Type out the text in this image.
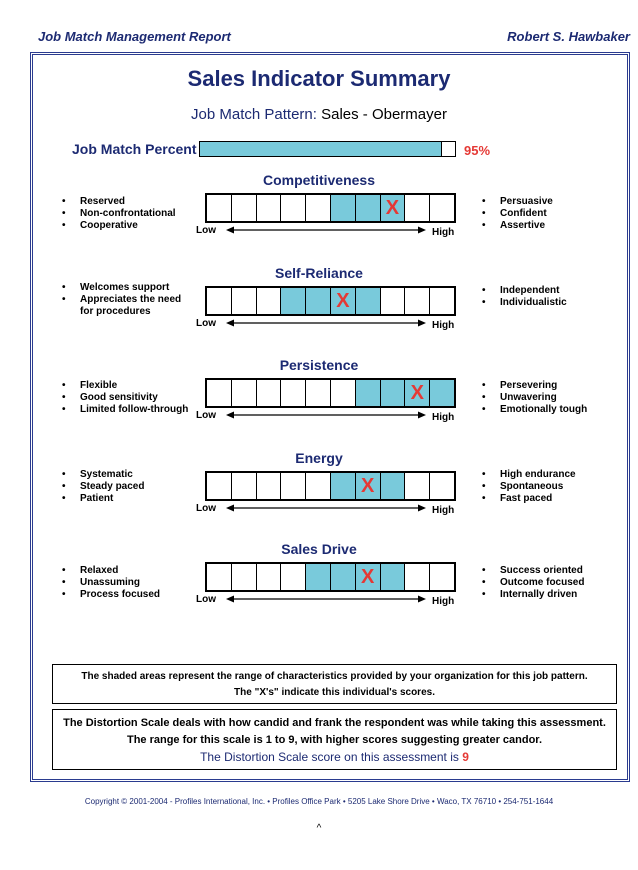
Job Match Management Report	Robert S. Hawbaker
Sales Indicator Summary
Job Match Pattern: Sales - Obermayer
Job Match Percent	95%
Competitiveness
X
Low	High
• Reserved
• Non-confrontational
• Cooperative
• Persuasive
• Confident
• Assertive
Self-Reliance
X
Low	High
• Welcomes support
• Appreciates the need for procedures
• Independent
• Individualistic
Persistence
X
Low	High
• Flexible
• Good sensitivity
• Limited follow-through
• Persevering
• Unwavering
• Emotionally tough
Energy
X
Low	High
• Systematic
• Steady paced
• Patient
• High endurance
• Spontaneous
• Fast paced
Sales Drive
X
Low	High
• Relaxed
• Unassuming
• Process focused
• Success oriented
• Outcome focused
• Internally driven
The shaded areas represent the range of characteristics provided by your organization for this job pattern.
The "X's" indicate this individual's scores.
The Distortion Scale deals with how candid and frank the respondent was while taking this assessment.
The range for this scale is 1 to 9, with higher scores suggesting greater candor.
The Distortion Scale score on this assessment is 9
Copyright © 2001-2004 - Profiles International, Inc. • Profiles Office Park • 5205 Lake Shore Drive • Waco, TX 76710 • 254-751-1644
^
